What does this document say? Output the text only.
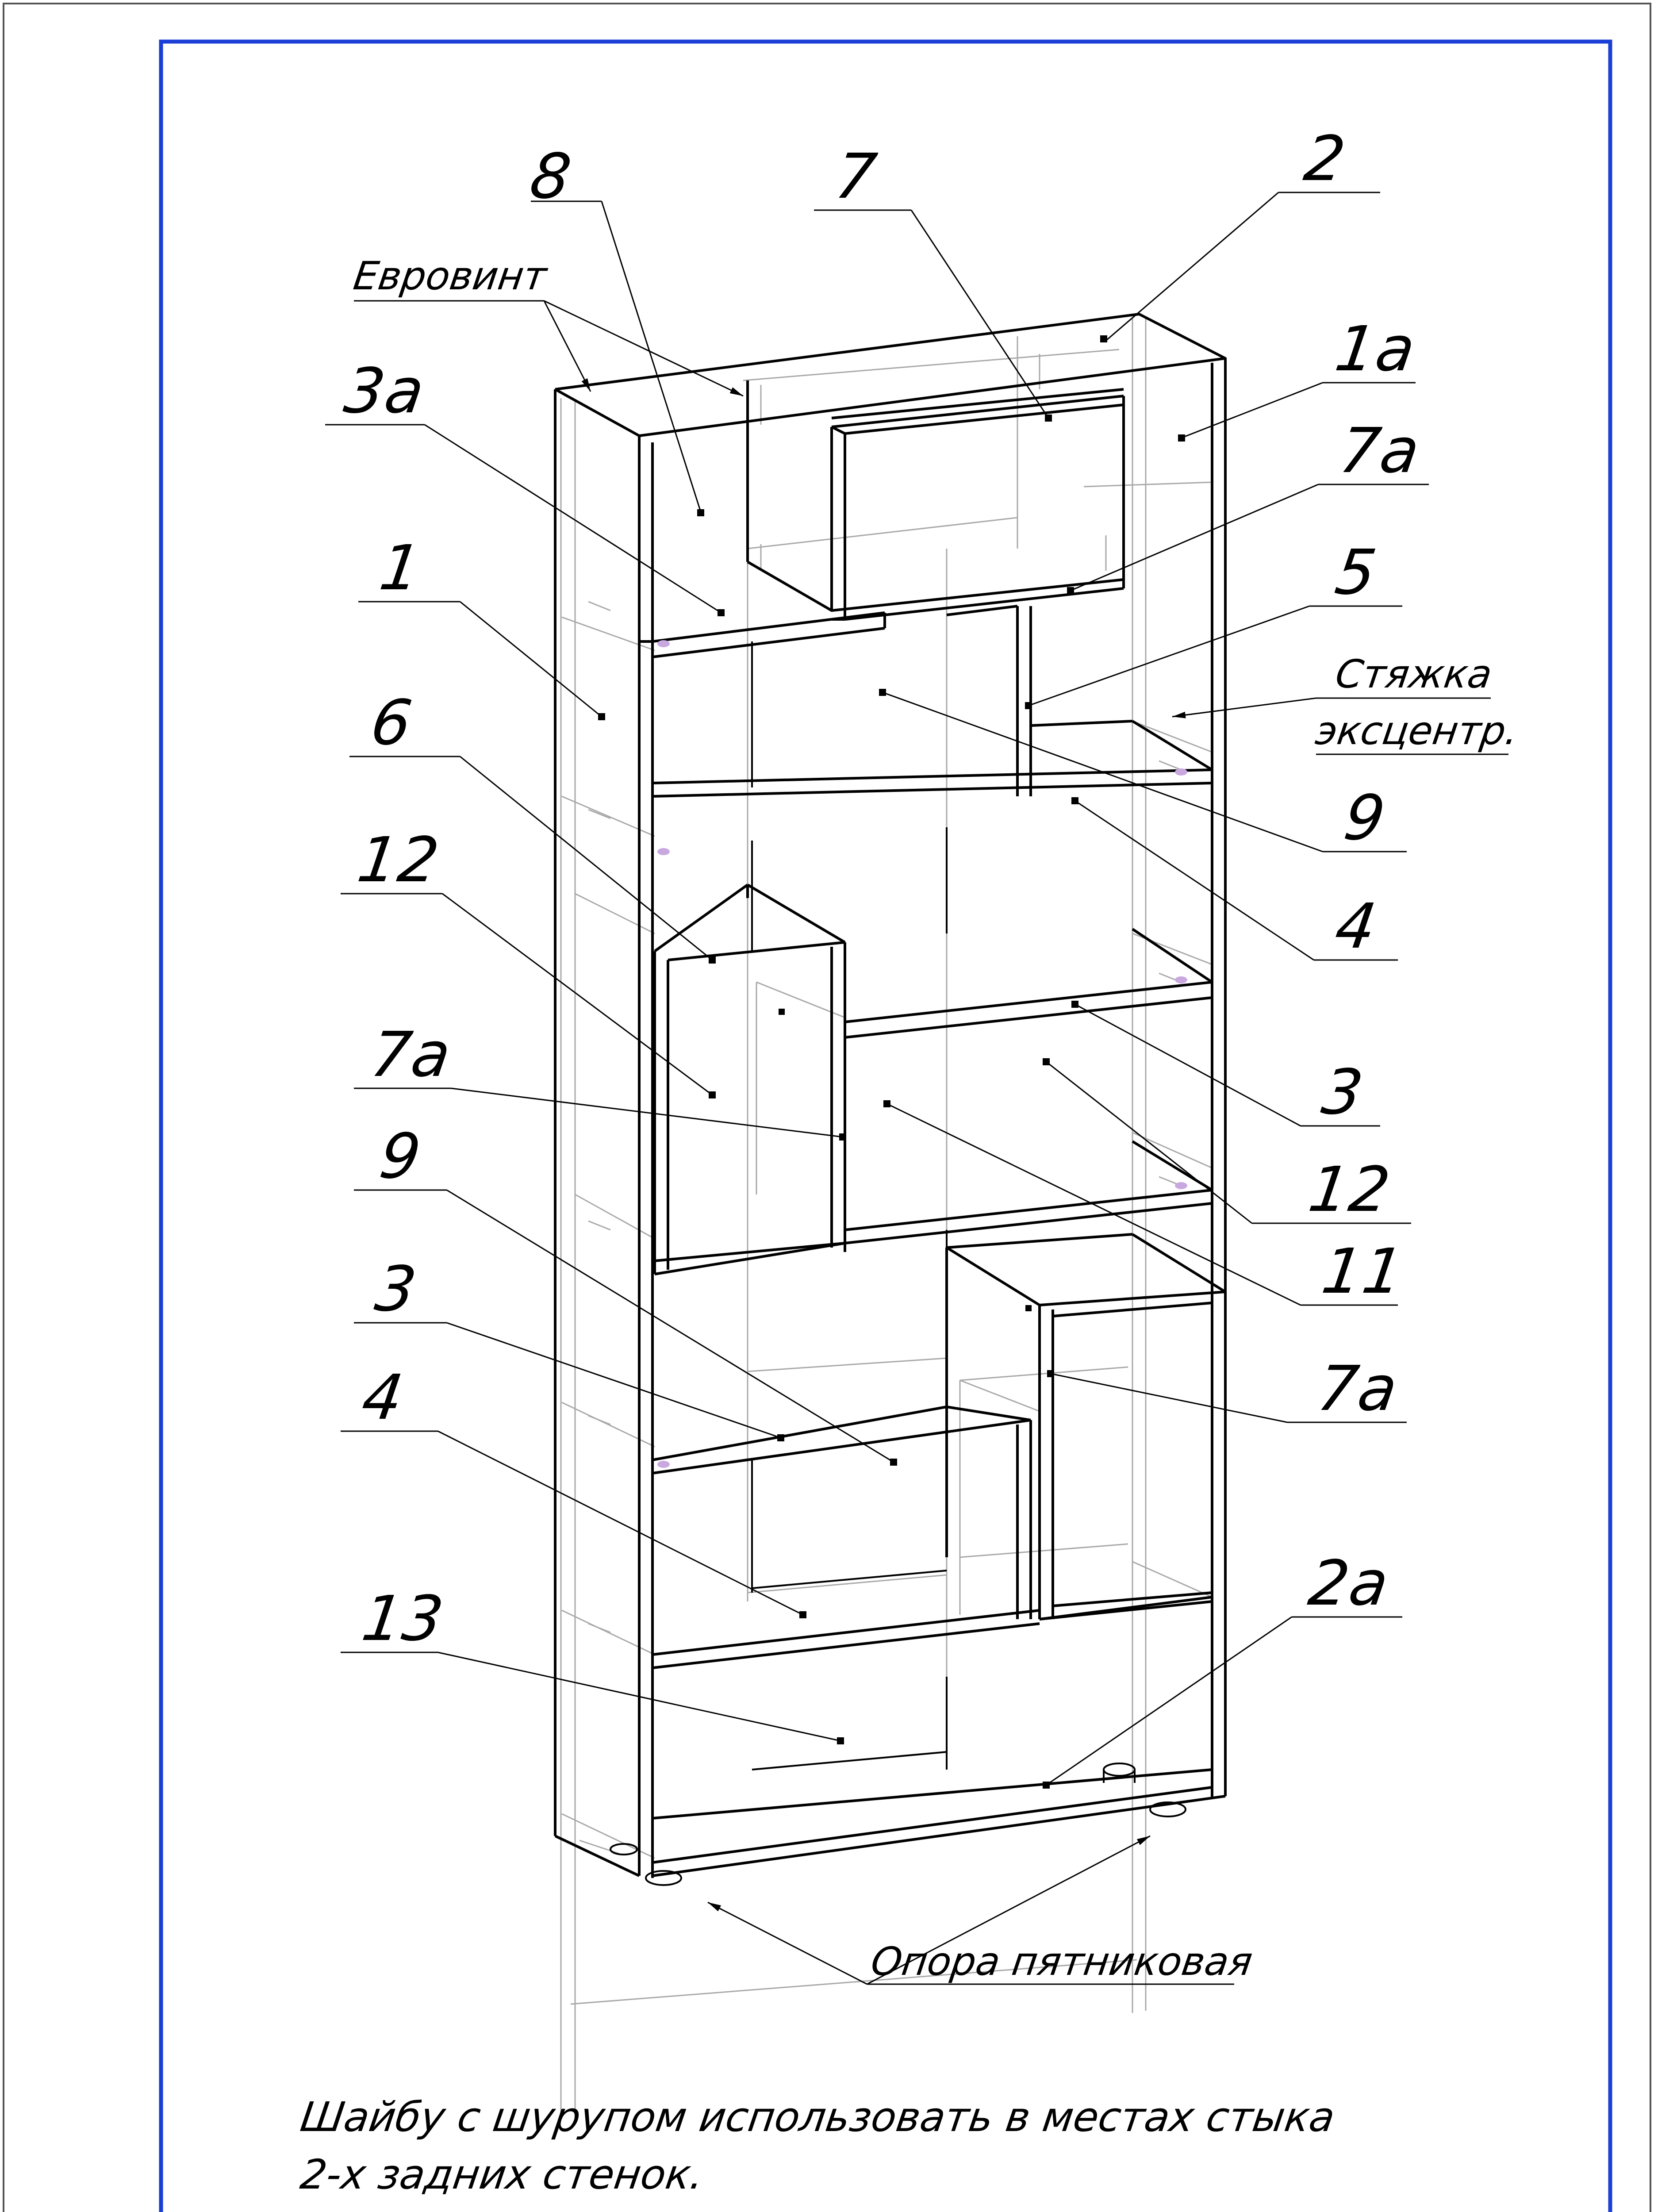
8	7	2
1а
3а
7а
1	5
6
9
12
4
7а
3
9	12
11
3
7а
4
2а
13
Евровинт
Стяжка
эксцентр.
Опора пятниковая
Шайбу с шурупом использовать в местах стыка
2-х задних стенок.
